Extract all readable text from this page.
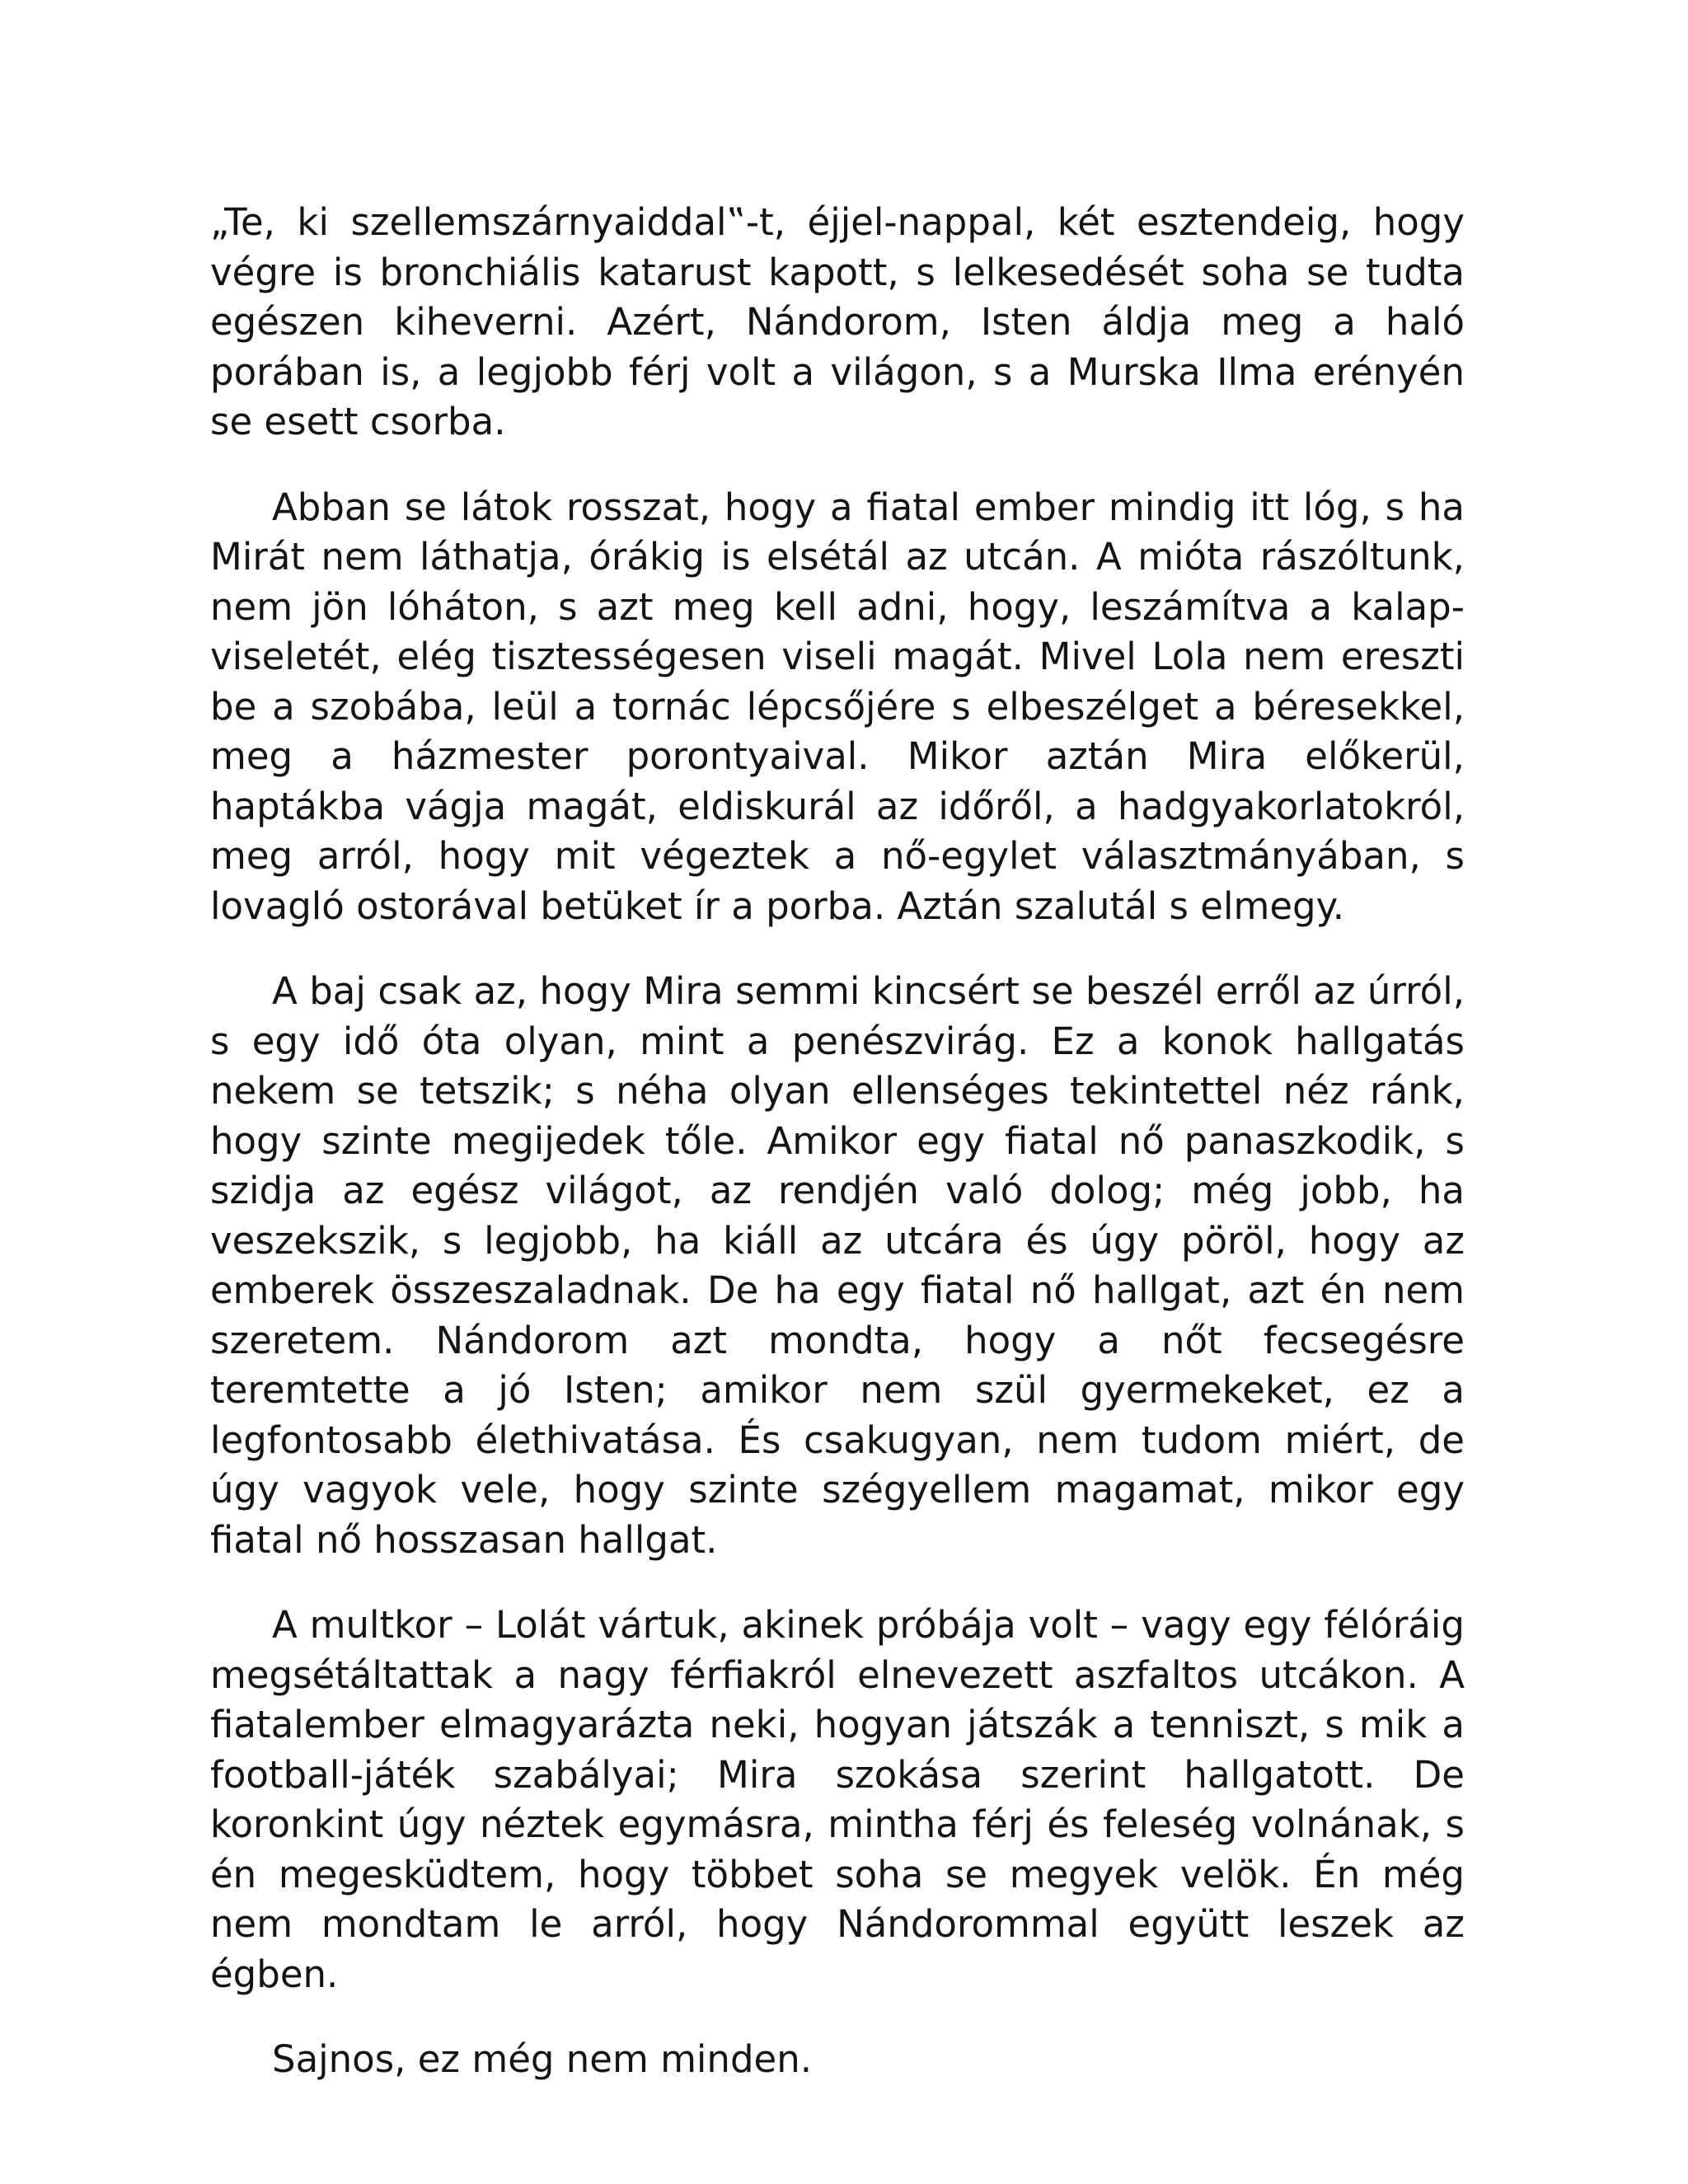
„Te, ki szellemszárnyaiddal‟-t, éjjel-nappal, két esztendeig, hogy végre is bronchiális katarust kapott, s lelkesedését soha se tudta egészen kiheverni. Azért, Nándorom, Isten áldja meg a haló porában is, a legjobb férj volt a világon, s a Murska Ilma erényén se esett csorba.

Abban se látok rosszat, hogy a fiatal ember mindig itt lóg, s ha Mirát nem láthatja, órákig is elsétál az utcán. A mióta rászóltunk, nem jön lóháton, s azt meg kell adni, hogy, leszámítva a kalap-viseletét, elég tisztességesen viseli magát. Mivel Lola nem ereszti be a szobába, leül a tornác lépcsőjére s elbeszélget a béresekkel, meg a házmester porontyaival. Mikor aztán Mira előkerül, haptákba vágja magát, eldiskurál az időről, a hadgyakorlatokról, meg arról, hogy mit végeztek a nő-egylet választmányában, s lovagló ostorával betüket ír a porba. Aztán szalutál s elmegy.

A baj csak az, hogy Mira semmi kincsért se beszél erről az úrról, s egy idő óta olyan, mint a penészvirág. Ez a konok hallgatás nekem se tetszik; s néha olyan ellenséges tekintettel néz ránk, hogy szinte megijedek tőle. Amikor egy fiatal nő panaszkodik, s szidja az egész világot, az rendjén való dolog; még jobb, ha veszekszik, s legjobb, ha kiáll az utcára és úgy pöröl, hogy az emberek összeszaladnak. De ha egy fiatal nő hallgat, azt én nem szeretem. Nándorom azt mondta, hogy a nőt fecsegésre teremtette a jó Isten; amikor nem szül gyermekeket, ez a legfontosabb élethivatása. És csakugyan, nem tudom miért, de úgy vagyok vele, hogy szinte szégyellem magamat, mikor egy fiatal nő hosszasan hallgat.

A multkor – Lolát vártuk, akinek próbája volt – vagy egy félóráig megsétáltattak a nagy férfiakról elnevezett aszfaltos utcákon. A fiatalember elmagyarázta neki, hogyan játszák a tenniszt, s mik a football-játék szabályai; Mira szokása szerint hallgatott. De koronkint úgy néztek egymásra, mintha férj és feleség volnának, s én megesküdtem, hogy többet soha se megyek velök. Én még nem mondtam le arról, hogy Nándorommal együtt leszek az égben.

Sajnos, ez még nem minden.
